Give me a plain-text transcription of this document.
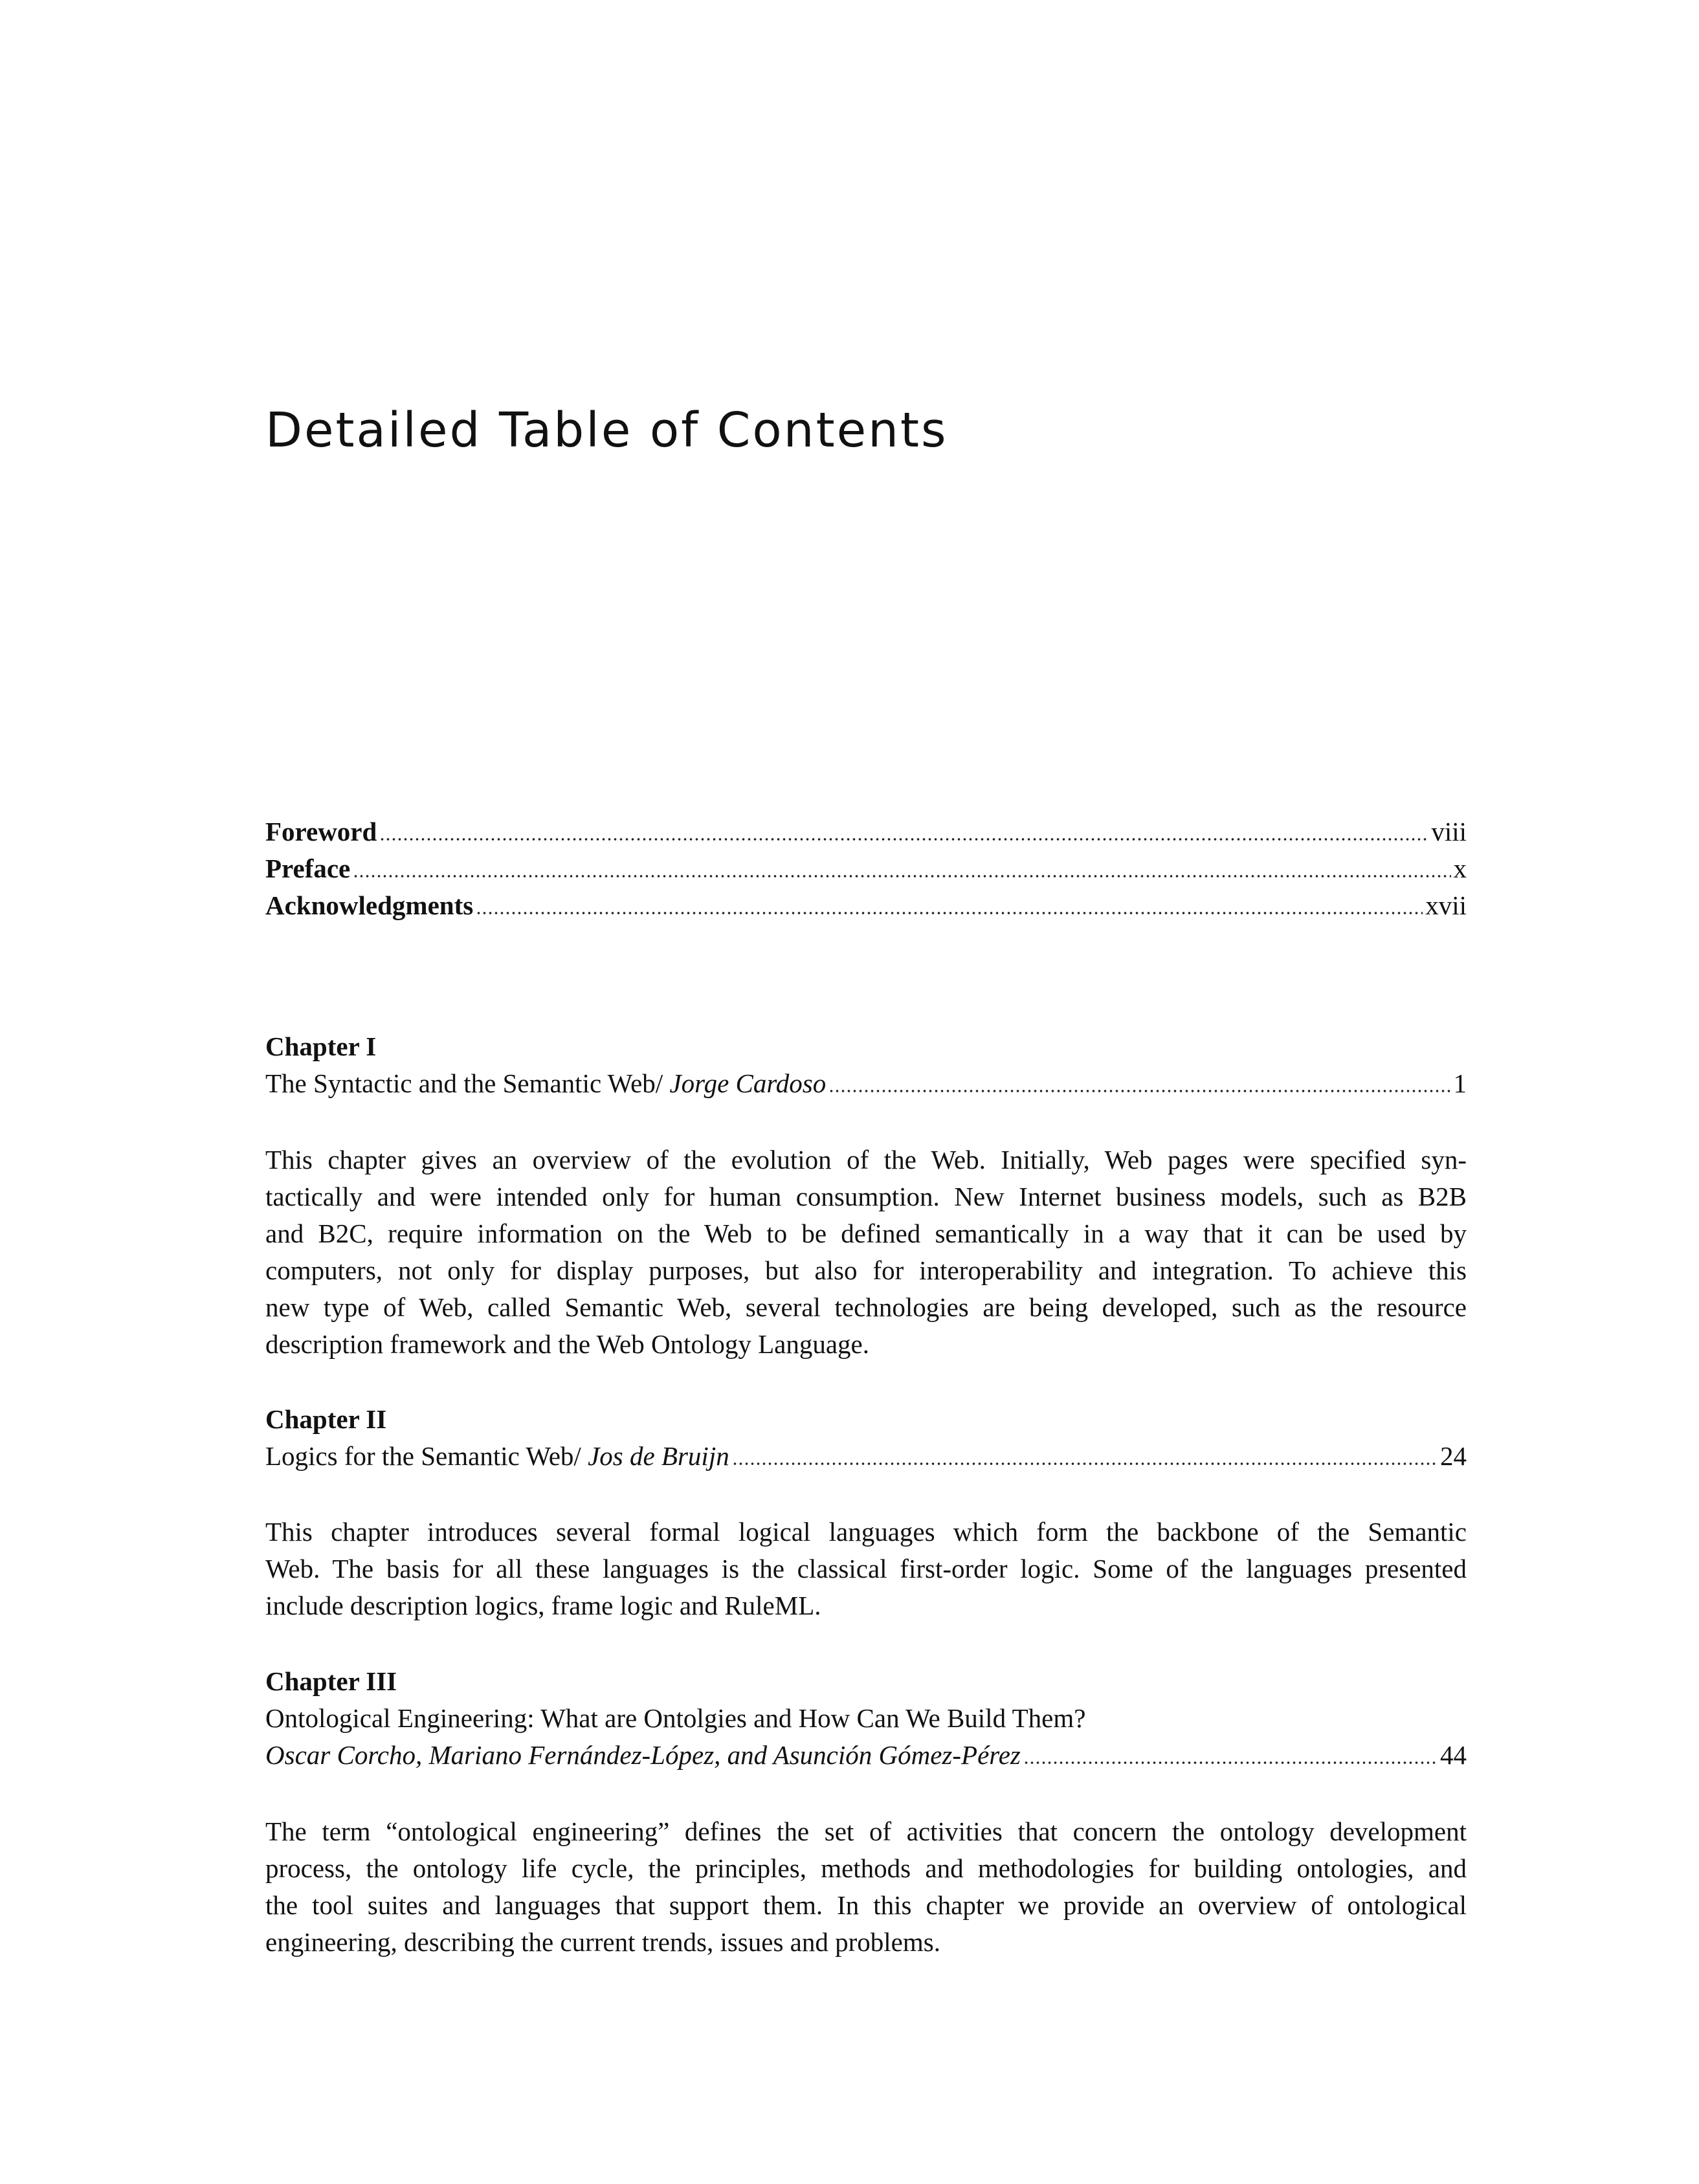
Detailed Table of Contents
Foreword	viii
Preface	x
Acknowledgments	xvii
Chapter I
The Syntactic and the Semantic Web/ Jorge Cardoso	1
This chapter gives an overview of the evolution of the Web. Initially, Web pages were specified syn-
tactically and were intended only for human consumption. New Internet business models, such as B2B
and B2C, require information on the Web to be defined semantically in a way that it can be used by
computers, not only for display purposes, but also for interoperability and integration. To achieve this
new type of Web, called Semantic Web, several technologies are being developed, such as the resource
description framework and the Web Ontology Language.
Chapter II
Logics for the Semantic Web/ Jos de Bruijn	24
This chapter introduces several formal logical languages which form the backbone of the Semantic
Web. The basis for all these languages is the classical first-order logic. Some of the languages presented
include description logics, frame logic and RuleML.
Chapter III
Ontological Engineering: What are Ontolgies and How Can We Build Them?
Oscar Corcho, Mariano Fernández-López, and Asunción Gómez-Pérez	44
The term “ontological engineering” defines the set of activities that concern the ontology development
process, the ontology life cycle, the principles, methods and methodologies for building ontologies, and
the tool suites and languages that support them. In this chapter we provide an overview of ontological
engineering, describing the current trends, issues and problems.
